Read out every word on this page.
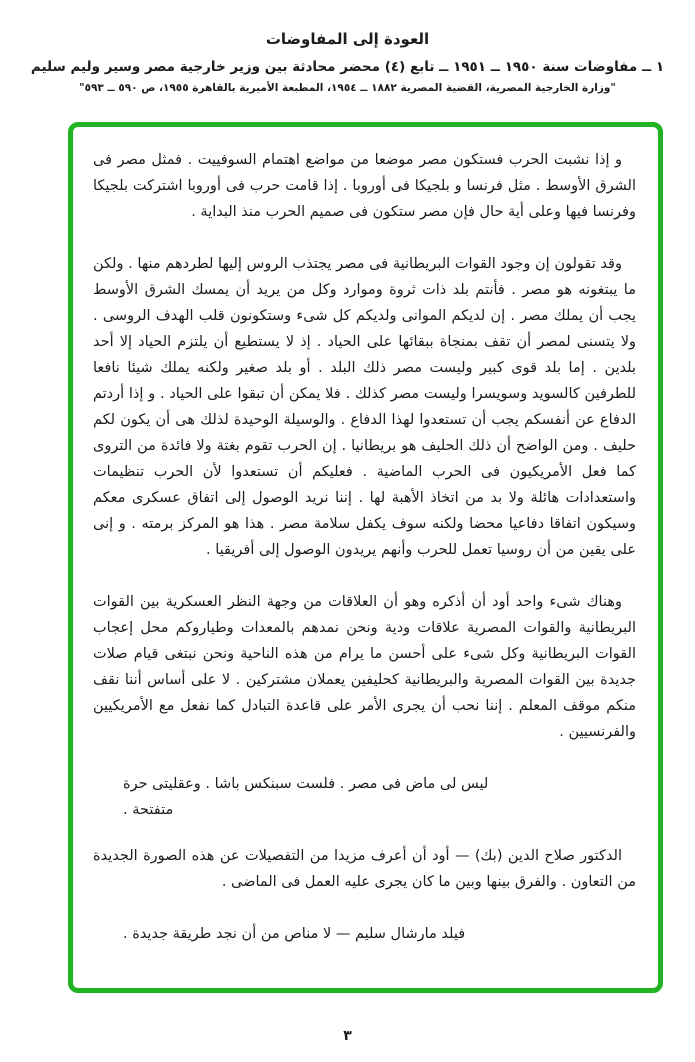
العودة إلى المفاوضات
١ ــ مفاوضات سنة ١٩٥٠ ــ ١٩٥١ ــ تابع (٤) محضر محادثة بين وزير خارجية مصر وسير وليم سليم
"وزارة الخارجية المصرية، القضية المصرية ١٨٨٢ ــ ١٩٥٤، المطبعة الأميرية بالقاهرة ١٩٥٥، ص ٥٩٠ ــ ٥٩٣"

و إذا نشبت الحرب فستكون مصر موضعا من مواضع اهتمام السوفييت . فمثل مصر فى الشرق الأوسط . مثل فرنسا و بلجيكا فى أوروبا . إذا قامت حرب فى أوروبا اشتركت بلجيكا وفرنسا فيها وعلى أية حال فإن مصر ستكون فى صميم الحرب منذ البداية .

وقد تقولون إن وجود القوات البريطانية فى مصر يجتذب الروس إليها لطردهم منها . ولكن ما يبتغونه هو مصر . فأنتم بلد ذات ثروة وموارد وكل من يريد أن يمسك الشرق الأوسط يجب أن يملك مصر . إن لديكم الموانى ولديكم كل شىء وستكونون قلب الهدف الروسى . ولا يتسنى لمصر أن تقف بمنجاة ببقائها على الحياد . إذ لا يستطيع أن يلتزم الحياد إلا أحد بلدين . إما بلد قوى كبير وليست مصر ذلك البلد . أو بلد صغير ولكنه يملك شيئا نافعا للطرفين كالسويد وسويسرا وليست مصر كذلك . فلا يمكن أن تبقوا على الحياد . و إذا أردتم الدفاع عن أنفسكم يجب أن تستعدوا لهذا الدفاع . والوسيلة الوحيدة لذلك هى أن يكون لكم حليف . ومن الواضح أن ذلك الحليف هو بريطانيا . إن الحرب تقوم بغتة ولا فائدة من التروى كما فعل الأمريكيون فى الحرب الماضية . فعليكم أن تستعدوا لأن الحرب تنظيمات واستعدادات هائلة ولا بد من اتخاذ الأهبة لها . إننا نريد الوصول إلى اتفاق عسكرى معكم وسيكون اتفاقا دفاعيا محضا ولكنه سوف يكفل سلامة مصر . هذا هو المركز برمته . و إنى على يقين من أن روسيا تعمل للحرب وأنهم يريدون الوصول إلى أفريقيا .

وهناك شىء واحد أود أن أذكره وهو أن العلاقات من وجهة النظر العسكرية بين القوات البريطانية والقوات المصرية علاقات ودية ونحن نمدهم بالمعدات وطياروكم محل إعجاب القوات البريطانية وكل شىء على أحسن ما يرام من هذه الناحية ونحن نبتغى قيام صلات جديدة بين القوات المصرية والبريطانية كحليفين يعملان مشتركين . لا على أساس أننا نقف منكم موقف المعلم . إننا نحب أن يجرى الأمر على قاعدة التبادل كما نفعل مع الأمريكيين والفرنسيين .

ليس لى ماض فى مصر . فلست سبنكس باشا . وعقليتى حرة متفتحة .

الدكتور صلاح الدين (بك) — أود أن أعرف مزيدا من التفصيلات عن هذه الصورة الجديدة من التعاون . والفرق بينها وبين ما كان يجرى عليه العمل فى الماضى .

فيلد مارشال سليم — لا مناص من أن نجد طريقة جديدة .

٣
